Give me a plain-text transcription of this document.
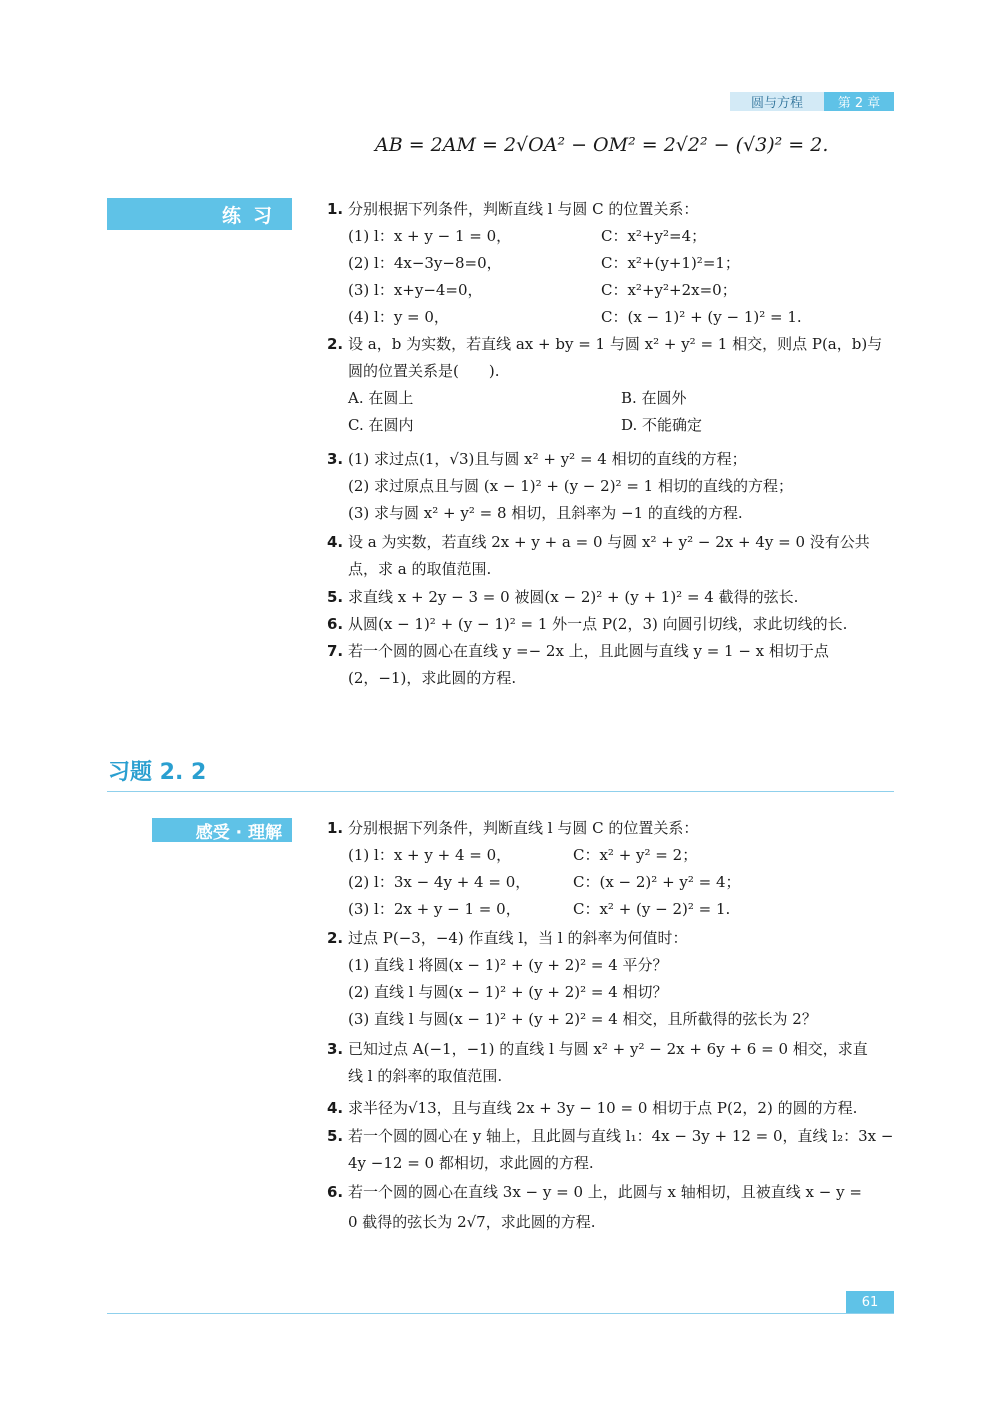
圆与方程	第 2 章
AB = 2AM = 2√OA² − OM² = 2√2² − (√3)² = 2.
练习	1. 分别根据下列条件，判断直线 l 与圆 C 的位置关系：
(1) l：x + y − 1 = 0，	C：x²+y²=4；
(2) l：4x−3y−8=0，	C：x²+(y+1)²=1；
(3) l：x+y−4=0，	C：x²+y²+2x=0；
(4) l：y = 0，	C：(x − 1)² + (y − 1)² = 1.
2. 设 a，b 为实数，若直线 ax + by = 1 与圆 x² + y² = 1 相交，则点 P(a，b)与
圆的位置关系是(　　).
A. 在圆上	B. 在圆外
C. 在圆内	D. 不能确定
3. (1) 求过点(1，√3)且与圆 x² + y² = 4 相切的直线的方程；
(2) 求过原点且与圆 (x − 1)² + (y − 2)² = 1 相切的直线的方程；
(3) 求与圆 x² + y² = 8 相切，且斜率为 −1 的直线的方程.
4. 设 a 为实数，若直线 2x + y + a = 0 与圆 x² + y² − 2x + 4y = 0 没有公共
点，求 a 的取值范围.
5. 求直线 x + 2y − 3 = 0 被圆(x − 2)² + (y + 1)² = 4 截得的弦长.
6. 从圆(x − 1)² + (y − 1)² = 1 外一点 P(2，3) 向圆引切线，求此切线的长.
7. 若一个圆的圆心在直线 y =− 2x 上，且此圆与直线 y = 1 − x 相切于点
(2，−1)，求此圆的方程.
习题 2. 2
感受 · 理解	1. 分别根据下列条件，判断直线 l 与圆 C 的位置关系：
(1) l：x + y + 4 = 0，	C：x² + y² = 2；
(2) l：3x − 4y + 4 = 0，	C：(x − 2)² + y² = 4；
(3) l：2x + y − 1 = 0，	C：x² + (y − 2)² = 1.
2. 过点 P(−3，−4) 作直线 l，当 l 的斜率为何值时：
(1) 直线 l 将圆(x − 1)² + (y + 2)² = 4 平分？
(2) 直线 l 与圆(x − 1)² + (y + 2)² = 4 相切？
(3) 直线 l 与圆(x − 1)² + (y + 2)² = 4 相交，且所截得的弦长为 2？
3. 已知过点 A(−1，−1) 的直线 l 与圆 x² + y² − 2x + 6y + 6 = 0 相交，求直
线 l 的斜率的取值范围.
4. 求半径为√13，且与直线 2x + 3y − 10 = 0 相切于点 P(2，2) 的圆的方程.
5. 若一个圆的圆心在 y 轴上，且此圆与直线 l₁：4x − 3y + 12 = 0，直线 l₂：3x −
4y −12 = 0 都相切，求此圆的方程.
6. 若一个圆的圆心在直线 3x − y = 0 上，此圆与 x 轴相切，且被直线 x − y =
0 截得的弦长为 2√7，求此圆的方程.
61
